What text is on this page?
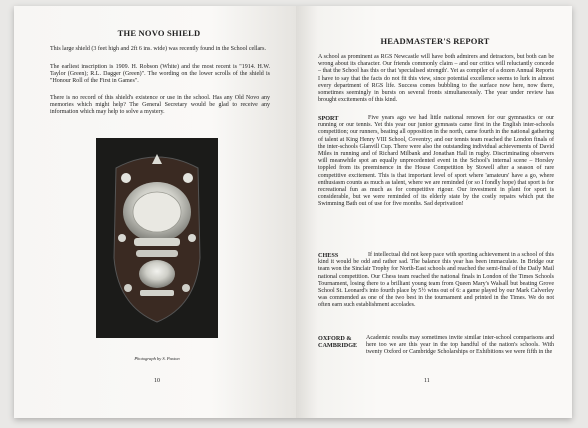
THE NOVO SHIELD

This large shield (3 feet high and 2ft 6 ins. wide) was recently found in the School cellars.

The earliest inscription is 1909. H. Robson (White) and the most recent is "1914. H.W. Taylor (Green); R.L. Dagger (Green)". The wording on the lower scrolls of the shield is "Honour Roll of the First in Games".

There is no record of this shield's existence or use in the school. Has any Old Novo any memories which might help? The General Secretary would be glad to receive any information which may help to solve a mystery.

Photograph by S. Paxton

10
HEADMASTER'S REPORT

A school as prominent as RGS Newcastle will have both admirers and detractors, but both can be wrong about its character. Our friends commonly claim – and our critics will reluctantly concede – that the School has this or that 'specialised strength'. Yet as compiler of a dozen Annual Reports I have to say that the facts do not fit this view, since potential excellence seems to lurk in almost every department of RGS life. Success comes bubbling to the surface now here, now there, sometimes seemingly in bursts on several fronts simultaneously. The year under review has brought excitements of this kind.

SPORT	Five years ago we had little national renown for our gymnastics or our running or our tennis. Yet this year our junior gymnasts came first in the English inter-schools competition; our runners, beating all opposition in the north, came fourth in the national gathering of talent at King Henry VIII School, Coventry; and our tennis team reached the London finals of the inter-schools Glanvill Cup. There were also the outstanding individual achievements of David Miles in running and of Richard Milbank and Jonathan Hall in rugby. Discriminating observers will meanwhile spot an equally unprecedented event in the School's internal scene – Horsley toppled from its preeminence in the House Competition by Stowell after a season of rare competitive excitement. This is that important level of sport where 'amateurs' have a go, where enthusiasm counts as much as talent, where we are reminded (or so I fondly hope) that sport is for recreational fun as much as for competitive rigour. Our investment in plant for sport is considerable, but we were reminded of its elderly state by the costly repairs which put the Swimming Bath out of use for five months. Sad deprivation!

CHESS	If intellectual did not keep pace with sporting achievement in a school of this kind it would be odd and rather sad. The balance this year has been immaculate. In Bridge our team won the Sinclair Trophy for North-East schools and reached the semi-final of the Daily Mail national competition. Our Chess team reached the national finals in London of the Times Schools Tournament, losing there to a brilliant young team from Queen Mary's Walsall but beating Grove School St. Leonard's into fourth place by 5½ wins out of 6: a game played by our Mark Calverley was commended as one of the two best in the tournament and printed in the Times. We do not often earn such establishment accolades.

OXFORD & CAMBRIDGE

Academic results may sometimes invite similar inter-school comparisons and here too we are this year in the top handful of the nation's schools. With twenty Oxford or Cambridge Scholarships or Exhibitions we were fifth in the

11
